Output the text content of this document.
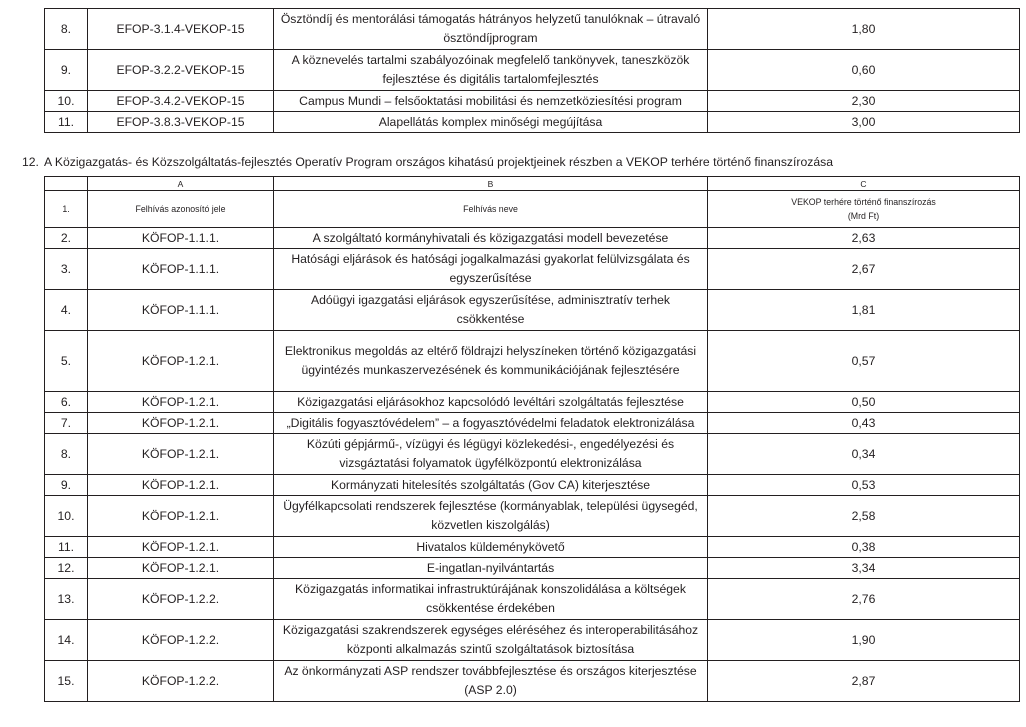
8.	EFOP-3.1.4-VEKOP-15	Ösztöndíj és mentorálási támogatás hátrányos helyzetű tanulóknak – útravaló ösztöndíjprogram	1,80
9.	EFOP-3.2.2-VEKOP-15	A köznevelés tartalmi szabályozóinak megfelelő tankönyvek, taneszközök fejlesztése és digitális tartalomfejlesztés	0,60
10.	EFOP-3.4.2-VEKOP-15	Campus Mundi – felsőoktatási mobilitási és nemzetköziesítési program	2,30
11.	EFOP-3.8.3-VEKOP-15	Alapellátás komplex minőségi megújítása	3,00

12. A Közigazgatás- és Közszolgáltatás-fejlesztés Operatív Program országos kihatású projektjeinek részben a VEKOP terhére történő finanszírozása

	A	B	C
1.	Felhívás azonosító jele	Felhívás neve	VEKOP terhére történő finanszírozás
(Mrd Ft)
2.	KÖFOP-1.1.1.	A szolgáltató kormányhivatali és közigazgatási modell bevezetése	2,63
3.	KÖFOP-1.1.1.	Hatósági eljárások és hatósági jogalkalmazási gyakorlat felülvizsgálata és egyszerűsítése	2,67
4.	KÖFOP-1.1.1.	Adóügyi igazgatási eljárások egyszerűsítése, adminisztratív terhek csökkentése	1,81
5.	KÖFOP-1.2.1.	Elektronikus megoldás az eltérő földrajzi helyszíneken történő közigazgatási ügyintézés munkaszervezésének és kommunikációjának fejlesztésére	0,57
6.	KÖFOP-1.2.1.	Közigazgatási eljárásokhoz kapcsolódó levéltári szolgáltatás fejlesztése	0,50
7.	KÖFOP-1.2.1.	„Digitális fogyasztóvédelem” – a fogyasztóvédelmi feladatok elektronizálása	0,43
8.	KÖFOP-1.2.1.	Közúti gépjármű-, vízügyi és légügyi közlekedési-, engedélyezési és vizsgáztatási folyamatok ügyfélközpontú elektronizálása	0,34
9.	KÖFOP-1.2.1.	Kormányzati hitelesítés szolgáltatás (Gov CA) kiterjesztése	0,53
10.	KÖFOP-1.2.1.	Ügyfélkapcsolati rendszerek fejlesztése (kormányablak, települési ügysegéd, közvetlen kiszolgálás)	2,58
11.	KÖFOP-1.2.1.	Hivatalos küldeménykövető	0,38
12.	KÖFOP-1.2.1.	E-ingatlan-nyilvántartás	3,34
13.	KÖFOP-1.2.2.	Közigazgatás informatikai infrastruktúrájának konszolidálása a költségek csökkentése érdekében	2,76
14.	KÖFOP-1.2.2.	Közigazgatási szakrendszerek egységes eléréséhez és interoperabilitásához központi alkalmazás szintű szolgáltatások biztosítása	1,90
15.	KÖFOP-1.2.2.	Az önkormányzati ASP rendszer továbbfejlesztése és országos kiterjesztése (ASP 2.0)	2,87
